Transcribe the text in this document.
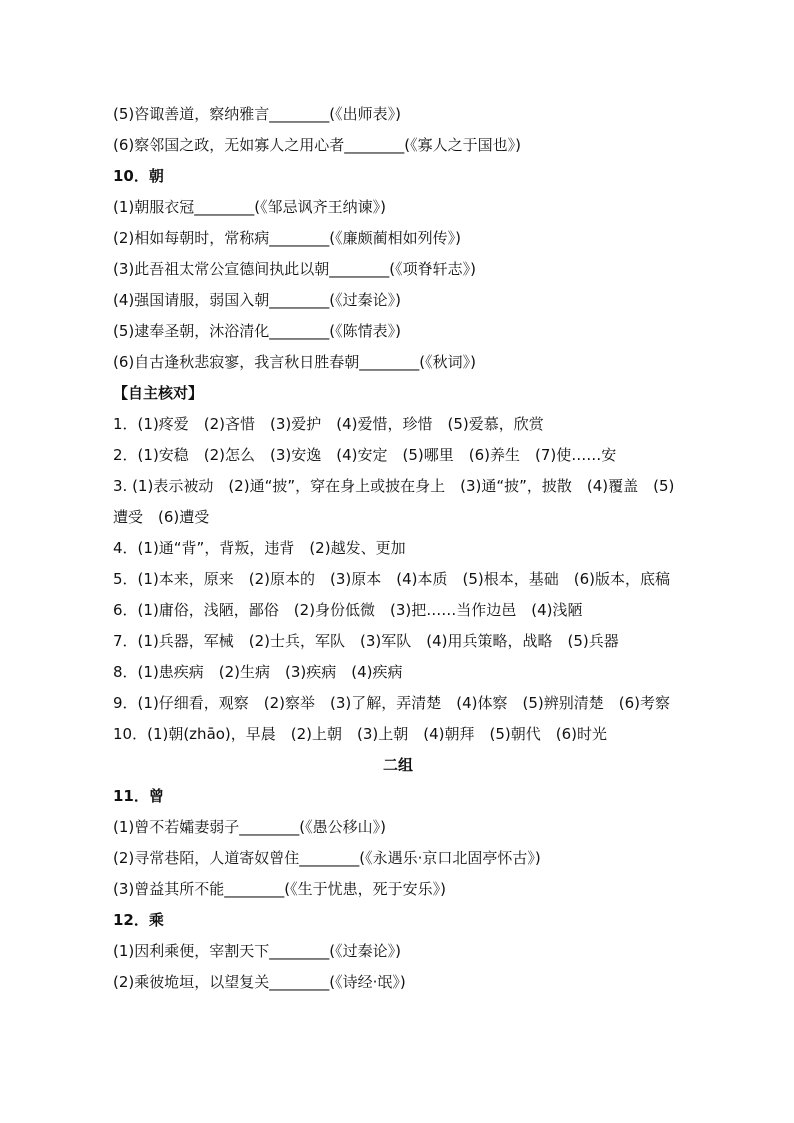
(5)咨诹善道，察纳雅言________(《出师表》)
(6)察邻国之政，无如寡人之用心者________(《寡人之于国也》)
10．朝
(1)朝服衣冠________(《邹忌讽齐王纳谏》)
(2)相如每朝时，常称病________(《廉颇蔺相如列传》)
(3)此吾祖太常公宣德间执此以朝________(《项脊轩志》)
(4)强国请服，弱国入朝________(《过秦论》)
(5)逮奉圣朝，沐浴清化________(《陈情表》)
(6)自古逢秋悲寂寥，我言秋日胜春朝________(《秋词》)
【自主核对】
1．(1)疼爱　(2)吝惜　(3)爱护　(4)爱惜，珍惜　(5)爱慕，欣赏
2．(1)安稳　(2)怎么　(3)安逸　(4)安定　(5)哪里　(6)养生　(7)使……安
3. (1)表示被动　(2)通“披”，穿在身上或披在身上　(3)通“披”，披散　(4)覆盖　(5)遭受　(6)遭受
4．(1)通“背”，背叛，违背　(2)越发、更加
5．(1)本来，原来　(2)原本的　(3)原本　(4)本质　(5)根本，基础　(6)版本，底稿
6．(1)庸俗，浅陋，鄙俗　(2)身份低微　(3)把……当作边邑　(4)浅陋
7．(1)兵器，军械　(2)士兵，军队　(3)军队　(4)用兵策略，战略　(5)兵器
8．(1)患疾病　(2)生病　(3)疾病　(4)疾病
9．(1)仔细看，观察　(2)察举　(3)了解，弄清楚　(4)体察　(5)辨别清楚　(6)考察
10．(1)朝(zhāo)，早晨　(2)上朝　(3)上朝　(4)朝拜　(5)朝代　(6)时光
二组
11．曾
(1)曾不若孀妻弱子________(《愚公移山》)
(2)寻常巷陌，人道寄奴曾住________(《永遇乐·京口北固亭怀古》)
(3)曾益其所不能________(《生于忧患，死于安乐》)
12．乘
(1)因利乘便，宰割天下________(《过秦论》)
(2)乘彼垝垣，以望复关________(《诗经·氓》)
